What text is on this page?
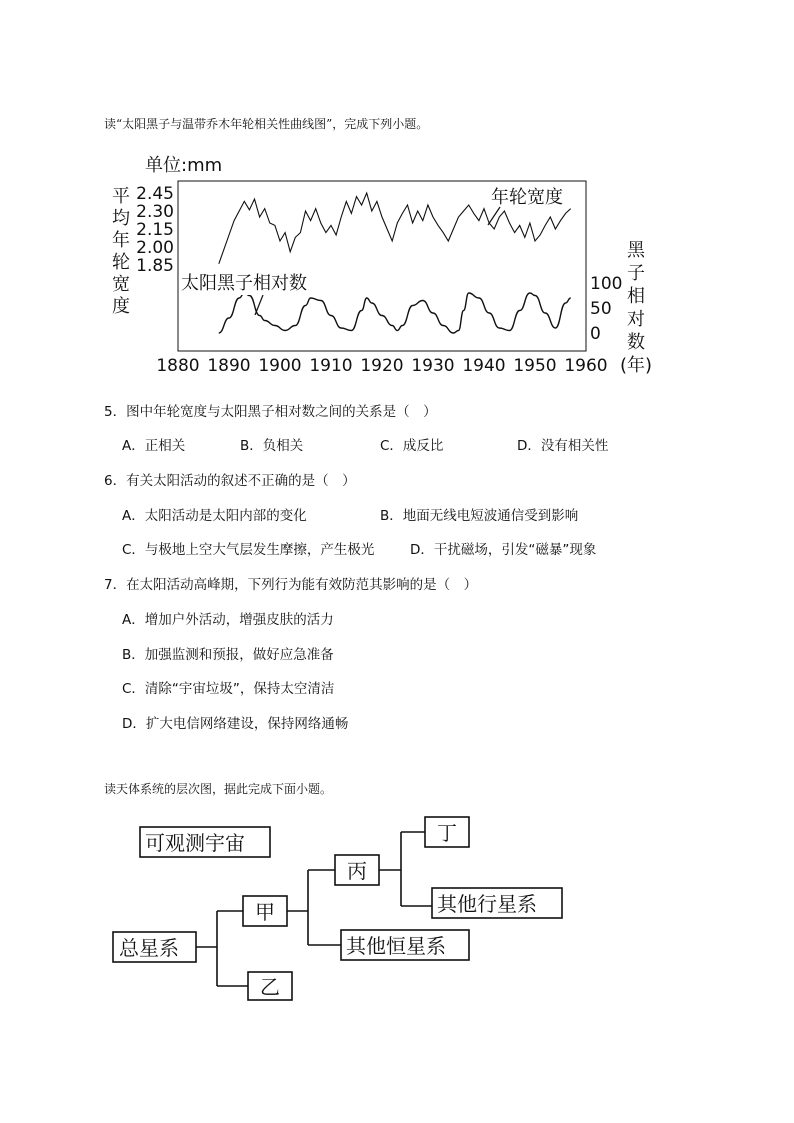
读“太阳黑子与温带乔木年轮相关性曲线图”，完成下列小题。
单位:mm
平
均
年
轮
宽
度
黑
子
相
对
数
2.45
2.30
2.15
2.00
1.85
100
50
0
1880 1890 1900 1910 1920 1930 1940 1950 1960
太阳黑子相对数
年轮宽度
(年)
5．图中年轮宽度与太阳黑子相对数之间的关系是（　）
A．正相关	B．负相关	C．成反比	D．没有相关性
6．有关太阳活动的叙述不正确的是（　）
A．太阳活动是太阳内部的变化	B．地面无线电短波通信受到影响
C．与极地上空大气层发生摩擦，产生极光	D．干扰磁场，引发“磁暴”现象
7．在太阳活动高峰期，下列行为能有效防范其影响的是（　）
A．增加户外活动，增强皮肤的活力
B．加强监测和预报，做好应急准备
C．清除“宇宙垃圾”，保持太空清洁
D．扩大电信网络建设，保持网络通畅
读天体系统的层次图，据此完成下面小题。
可观测宇宙
总星系
甲
乙
丙
丁
其他恒星系
其他行星系
